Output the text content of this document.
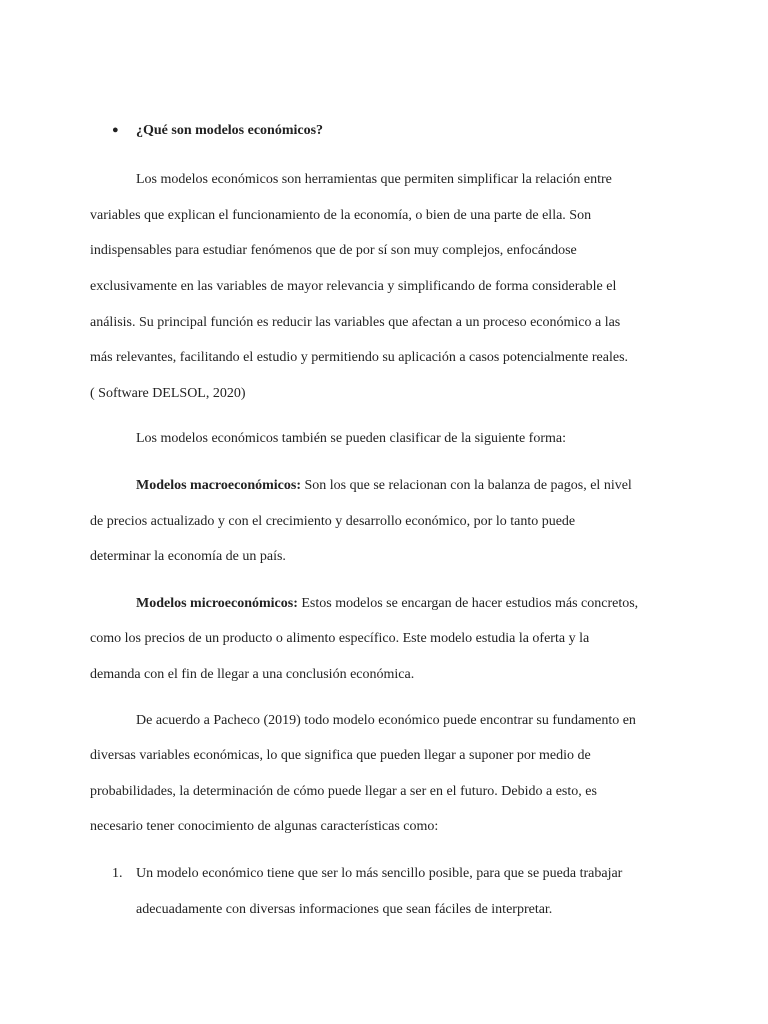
● ¿Qué son modelos económicos?
Los modelos económicos son herramientas que permiten simplificar la relación entre
variables que explican el funcionamiento de la economía, o bien de una parte de ella. Son
indispensables para estudiar fenómenos que de por sí son muy complejos, enfocándose
exclusivamente en las variables de mayor relevancia y simplificando de forma considerable el
análisis. Su principal función es reducir las variables que afectan a un proceso económico a las
más relevantes, facilitando el estudio y permitiendo su aplicación a casos potencialmente reales.
( Software DELSOL, 2020)
Los modelos económicos también se pueden clasificar de la siguiente forma:
Modelos macroeconómicos: Son los que se relacionan con la balanza de pagos, el nivel
de precios actualizado y con el crecimiento y desarrollo económico, por lo tanto puede
determinar la economía de un país.
Modelos microeconómicos: Estos modelos se encargan de hacer estudios más concretos,
como los precios de un producto o alimento específico. Este modelo estudia la oferta y la
demanda con el fin de llegar a una conclusión económica.
De acuerdo a Pacheco (2019) todo modelo económico puede encontrar su fundamento en
diversas variables económicas, lo que significa que pueden llegar a suponer por medio de
probabilidades, la determinación de cómo puede llegar a ser en el futuro. Debido a esto, es
necesario tener conocimiento de algunas características como:
1. Un modelo económico tiene que ser lo más sencillo posible, para que se pueda trabajar
adecuadamente con diversas informaciones que sean fáciles de interpretar.
